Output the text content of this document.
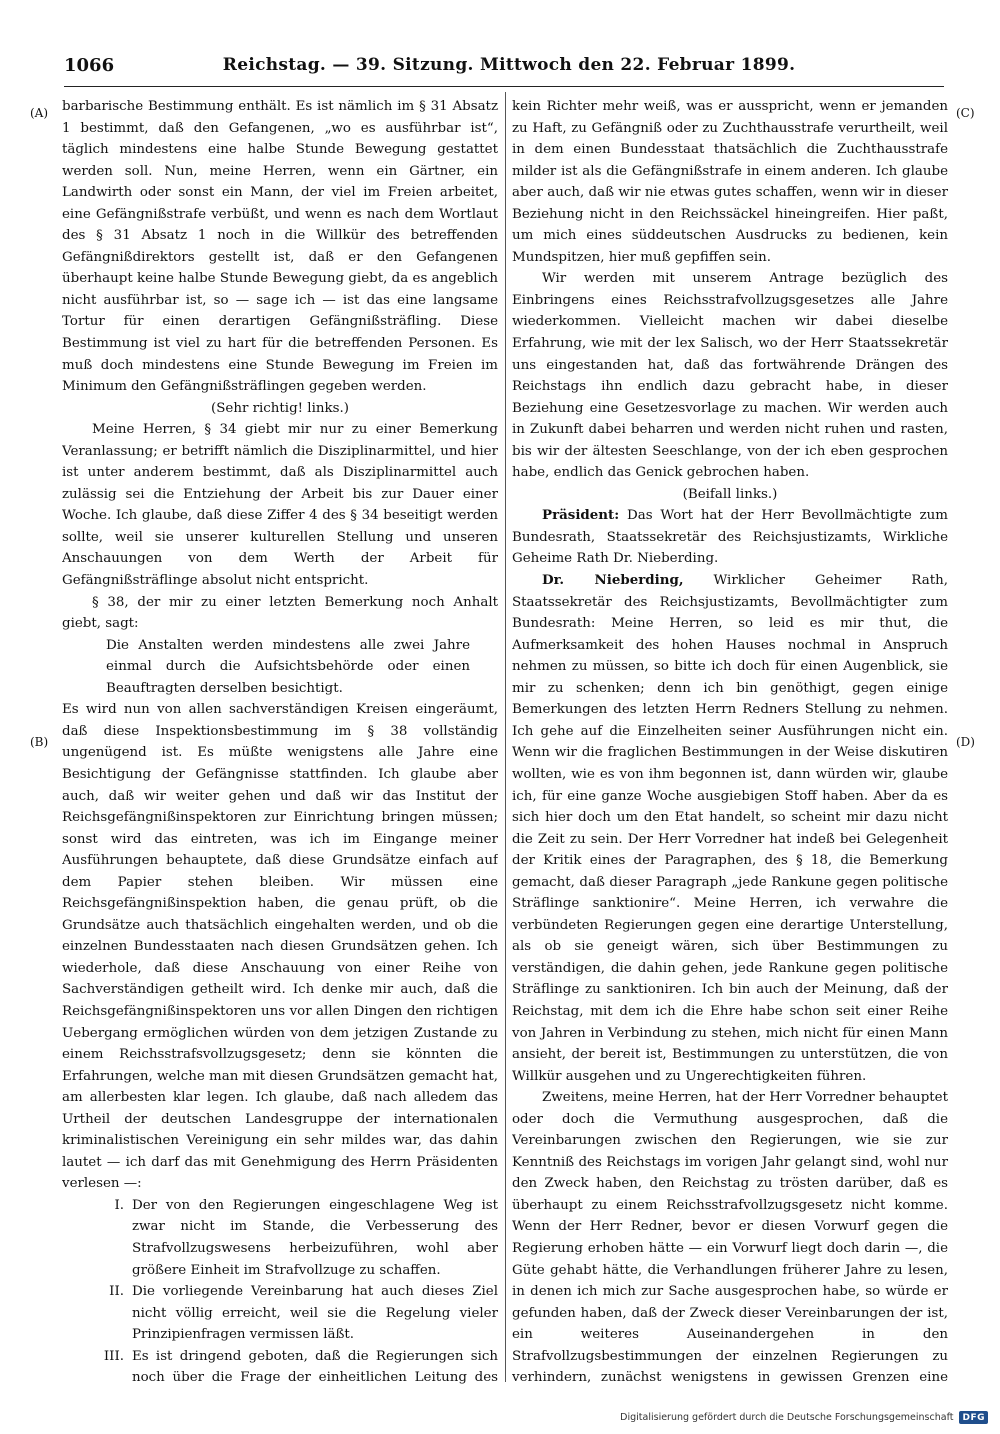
1066	Reichstag. — 39. Sitzung. Mittwoch den 22. Februar 1899.
(A)
(B)
(C)
(D)

barbarische Bestimmung enthält. Es ist nämlich im § 31 Absatz 1 bestimmt, daß den Gefangenen, „wo es ausführbar ist“, täglich mindestens eine halbe Stunde Bewegung gestattet werden soll. Nun, meine Herren, wenn ein Gärtner, ein Landwirth oder sonst ein Mann, der viel im Freien arbeitet, eine Gefängnißstrafe verbüßt, und wenn es nach dem Wortlaut des § 31 Absatz 1 noch in die Willkür des betreffenden Gefängnißdirektors gestellt ist, daß er den Gefangenen überhaupt keine halbe Stunde Bewegung giebt, da es angeblich nicht ausführbar ist, so — sage ich — ist das eine langsame Tortur für einen derartigen Gefängnißsträfling. Diese Bestimmung ist viel zu hart für die betreffenden Personen. Es muß doch mindestens eine Stunde Bewegung im Freien im Minimum den Gefängnißsträflingen gegeben werden.

(Sehr richtig! links.)

Meine Herren, § 34 giebt mir nur zu einer Bemerkung Veranlassung; er betrifft nämlich die Disziplinarmittel, und hier ist unter anderem bestimmt, daß als Disziplinarmittel auch zulässig sei die Entziehung der Arbeit bis zur Dauer einer Woche. Ich glaube, daß diese Ziffer 4 des § 34 beseitigt werden sollte, weil sie unserer kulturellen Stellung und unseren Anschauungen von dem Werth der Arbeit für Gefängnißsträflinge absolut nicht entspricht.

§ 38, der mir zu einer letzten Bemerkung noch Anhalt giebt, sagt:

Die Anstalten werden mindestens alle zwei Jahre einmal durch die Aufsichtsbehörde oder einen Beauftragten derselben besichtigt.

Es wird nun von allen sachverständigen Kreisen eingeräumt, daß diese Inspektionsbestimmung im § 38 vollständig ungenügend ist. Es müßte wenigstens alle Jahre eine Besichtigung der Gefängnisse stattfinden. Ich glaube aber auch, daß wir weiter gehen und daß wir das Institut der Reichsgefängnißinspektoren zur Einrichtung bringen müssen; sonst wird das eintreten, was ich im Eingange meiner Ausführungen behauptete, daß diese Grundsätze einfach auf dem Papier stehen bleiben. Wir müssen eine Reichsgefängnißinspektion haben, die genau prüft, ob die Grundsätze auch thatsächlich eingehalten werden, und ob die einzelnen Bundesstaaten nach diesen Grundsätzen gehen. Ich wiederhole, daß diese Anschauung von einer Reihe von Sachverständigen getheilt wird. Ich denke mir auch, daß die Reichsgefängnißinspektoren uns vor allen Dingen den richtigen Uebergang ermöglichen würden von dem jetzigen Zustande zu einem Reichsstrafsvollzugsgesetz; denn sie könnten die Erfahrungen, welche man mit diesen Grundsätzen gemacht hat, am allerbesten klar legen. Ich glaube, daß nach alledem das Urtheil der deutschen Landesgruppe der internationalen kriminalistischen Vereinigung ein sehr mildes war, das dahin lautet — ich darf das mit Genehmigung des Herrn Präsidenten verlesen —:

I. Der von den Regierungen eingeschlagene Weg ist zwar nicht im Stande, die Verbesserung des Strafvollzugswesens herbeizuführen, wohl aber größere Einheit im Strafvollzuge zu schaffen.
II. Die vorliegende Vereinbarung hat auch dieses Ziel nicht völlig erreicht, weil sie die Regelung vieler Prinzipienfragen vermissen läßt.
III. Es ist dringend geboten, daß die Regierungen sich noch über die Frage der einheitlichen Leitung des

kein Richter mehr weiß, was er ausspricht, wenn er jemanden zu Haft, zu Gefängniß oder zu Zuchthausstrafe verurtheilt, weil in dem einen Bundesstaat thatsächlich die Zuchthausstrafe milder ist als die Gefängnißstrafe in einem anderen. Ich glaube aber auch, daß wir nie etwas gutes schaffen, wenn wir in dieser Beziehung nicht in den Reichssäckel hineingreifen. Hier paßt, um mich eines süddeutschen Ausdrucks zu bedienen, kein Mundspitzen, hier muß gepfiffen sein.

Wir werden mit unserem Antrage bezüglich des Einbringens eines Reichsstrafvollzugsgesetzes alle Jahre wiederkommen. Vielleicht machen wir dabei dieselbe Erfahrung, wie mit der lex Salisch, wo der Herr Staatssekretär uns eingestanden hat, daß das fortwährende Drängen des Reichstags ihn endlich dazu gebracht habe, in dieser Beziehung eine Gesetzesvorlage zu machen. Wir werden auch in Zukunft dabei beharren und werden nicht ruhen und rasten, bis wir der ältesten Seeschlange, von der ich eben gesprochen habe, endlich das Genick gebrochen haben.

(Beifall links.)

Präsident: Das Wort hat der Herr Bevollmächtigte zum Bundesrath, Staatssekretär des Reichsjustizamts, Wirkliche Geheime Rath Dr. Nieberding.

Dr. Nieberding, Wirklicher Geheimer Rath, Staatssekretär des Reichsjustizamts, Bevollmächtigter zum Bundesrath: Meine Herren, so leid es mir thut, die Aufmerksamkeit des hohen Hauses nochmal in Anspruch nehmen zu müssen, so bitte ich doch für einen Augenblick, sie mir zu schenken; denn ich bin genöthigt, gegen einige Bemerkungen des letzten Herrn Redners Stellung zu nehmen. Ich gehe auf die Einzelheiten seiner Ausführungen nicht ein. Wenn wir die fraglichen Bestimmungen in der Weise diskutiren wollten, wie es von ihm begonnen ist, dann würden wir, glaube ich, für eine ganze Woche ausgiebigen Stoff haben. Aber da es sich hier doch um den Etat handelt, so scheint mir dazu nicht die Zeit zu sein. Der Herr Vorredner hat indeß bei Gelegenheit der Kritik eines der Paragraphen, des § 18, die Bemerkung gemacht, daß dieser Paragraph „jede Rankune gegen politische Sträflinge sanktionire“. Meine Herren, ich verwahre die verbündeten Regierungen gegen eine derartige Unterstellung, als ob sie geneigt wären, sich über Bestimmungen zu verständigen, die dahin gehen, jede Rankune gegen politische Sträflinge zu sanktioniren. Ich bin auch der Meinung, daß der Reichstag, mit dem ich die Ehre habe schon seit einer Reihe von Jahren in Verbindung zu stehen, mich nicht für einen Mann ansieht, der bereit ist, Bestimmungen zu unterstützen, die von Willkür ausgehen und zu Ungerechtigkeiten führen.

Zweitens, meine Herren, hat der Herr Vorredner behauptet oder doch die Vermuthung ausgesprochen, daß die Vereinbarungen zwischen den Regierungen, wie sie zur Kenntniß des Reichstags im vorigen Jahr gelangt sind, wohl nur den Zweck haben, den Reichstag zu trösten darüber, daß es überhaupt zu einem Reichsstrafvollzugsgesetz nicht komme. Wenn der Herr Redner, bevor er diesen Vorwurf gegen die Regierung erhoben hätte — ein Vorwurf liegt doch darin —, die Güte gehabt hätte, die Verhandlungen früherer Jahre zu lesen, in denen ich mich zur Sache ausgesprochen habe, so würde er gefunden haben, daß der Zweck dieser Vereinbarungen der ist, ein weiteres Auseinandergehen in den Strafvollzugsbestimmungen der einzelnen Regierungen zu verhindern, zunächst wenigstens in gewissen Grenzen eine

Digitalisierung gefördert durch die Deutsche Forschungsgemeinschaft	DFG
